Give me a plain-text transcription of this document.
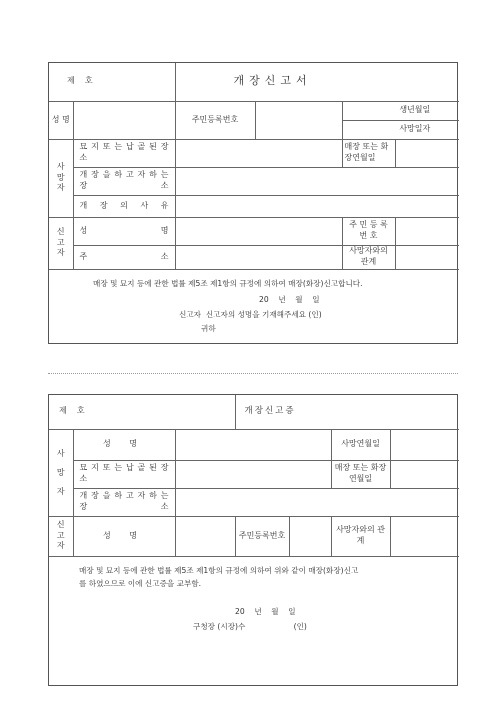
제    호		개장신고서			
성 명		주민등록번호		생년월일	
				사망일자	

사망자	묘 지 또 는 납 골 된 장 소			매장 또는 화장연월일	
	개 장 을 하 고 자 하 는 장 소				
	개 장 의 사 유				

신고자	성 명			주 민 등 록 번 호	
	주 소			사망자와의 관계	

매장 및 묘지 등에 관한 법률 제5조 제1항의 규정에 의하여 매장(화장)신고합니다.
20    년    월    일
신고자  신고자의 성명을 기재해주세요 (인)
귀하					
제    호			개장신고증			

사망자	성 명				사망연월일	
	묘 지 또 는 납 골 된 장 소				매장 또는 화장연월일	
	개 장 을 하 고 자 하 는 장 소					

신고자	성 명		주민등록번호		사망자와의 관계	

매장 및 묘지 등에 관한 법률 제5조 제1항의 규정에 의하여 위와 같이 매장(화장)신고
를 하였으므로 이에 신고증을 교부함.
20    년    월    일
구청장 (시장)수                    (인)						
